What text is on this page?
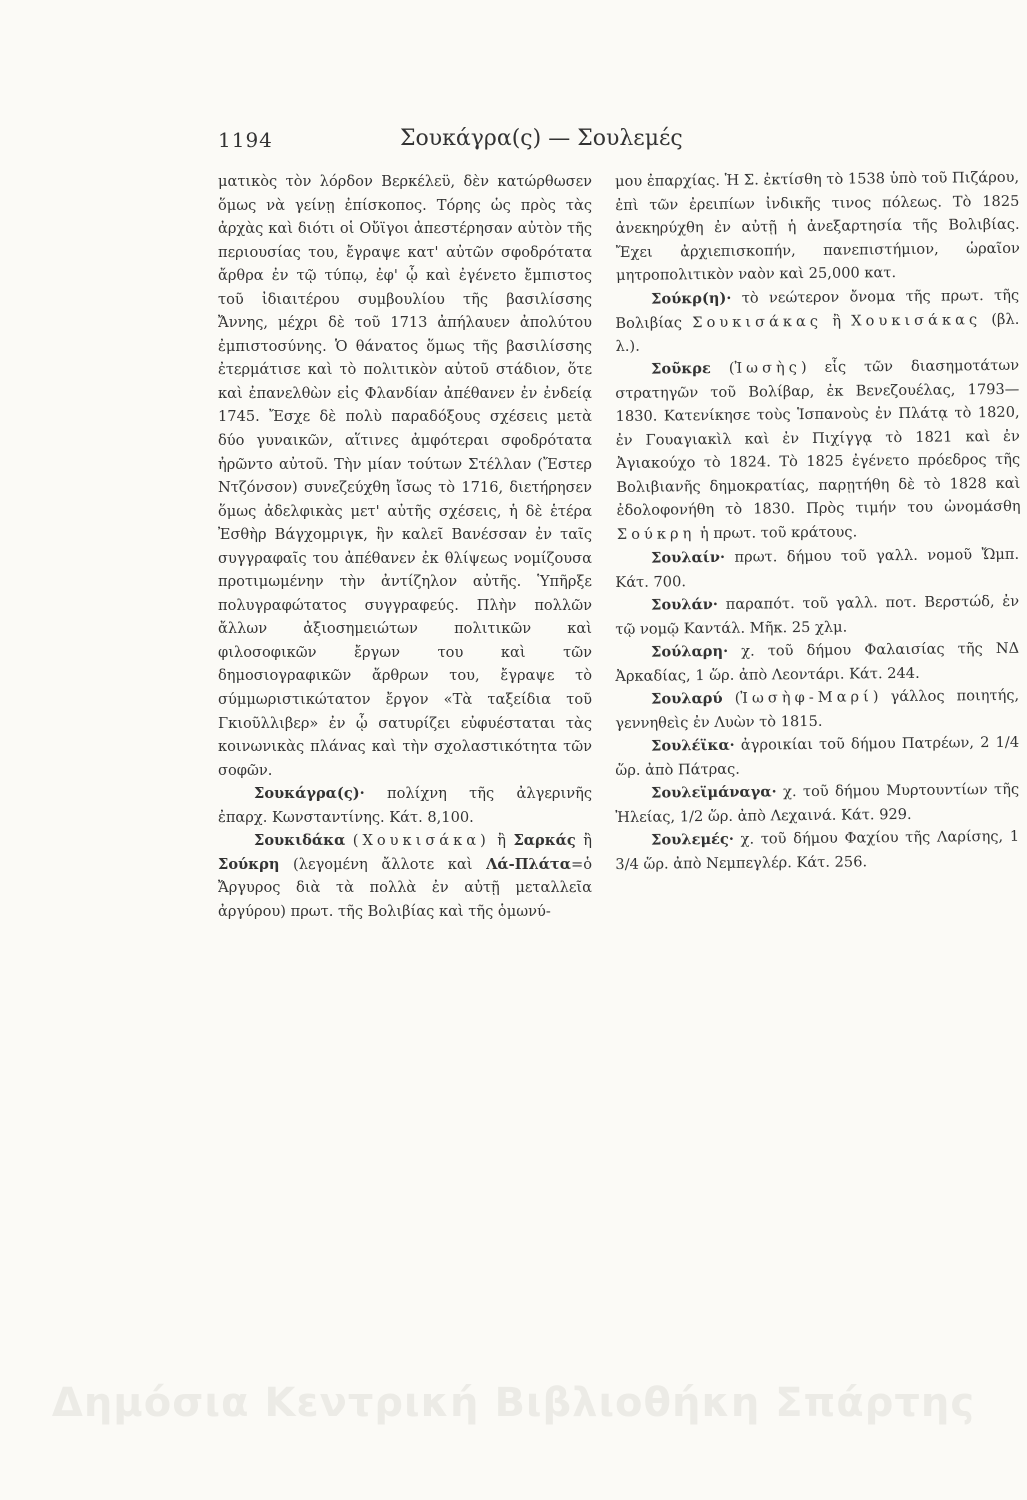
1194	Σουκάγρα(ς) — Σουλεμές

ματικὸς τὸν λόρδον Βερκέλεϋ, δὲν κατώρθωσεν ὅμως νὰ γείνῃ ἐπίσκοπος. Τόρης ὡς πρὸς τὰς ἀρχὰς καὶ διότι οἱ Οὔϊγοι ἀπεστέρησαν αὐτὸν τῆς περιουσίας του, ἔγραψε κατ' αὐτῶν σφοδρότατα ἄρθρα ἐν τῷ τύπῳ, ἐφ' ᾧ καὶ ἐγένετο ἔμπιστος τοῦ ἰδιαιτέρου συμβουλίου τῆς βασιλίσσης Ἄννης, μέχρι δὲ τοῦ 1713 ἀπήλαυεν ἀπολύτου ἐμπιστοσύνης. Ὁ θάνατος ὅμως τῆς βασιλίσσης ἐτερμάτισε καὶ τὸ πολιτικὸν αὐτοῦ στάδιον, ὅτε καὶ ἐπανελθὼν εἰς Φλανδίαν ἀπέθανεν ἐν ἐνδείᾳ 1745. Ἔσχε δὲ πολὺ παραδόξους σχέσεις μετὰ δύο γυναικῶν, αἵτινες ἀμφότεραι σφοδρότατα ἠρῶντο αὐτοῦ. Τὴν μίαν τούτων Στέλλαν (Ἔστερ Ντζόνσον) συνεζεύχθη ἴσως τὸ 1716, διετήρησεν ὅμως ἀδελφικὰς μετ' αὐτῆς σχέσεις, ἡ δὲ ἑτέρα Ἐσθὴρ Βάγχομριγκ, ἣν καλεῖ Βανέσσαν ἐν ταῖς συγγραφαῖς του ἀπέθανεν ἐκ θλίψεως νομίζουσα προτιμωμένην τὴν ἀντίζηλον αὐτῆς. Ὑπῆρξε πολυγραφώτατος συγγραφεύς. Πλὴν πολλῶν ἄλλων ἀξιοσημειώτων πολιτικῶν καὶ φιλοσοφικῶν ἔργων του καὶ τῶν δημοσιογραφικῶν ἄρθρων του, ἔγραψε τὸ σύμμωριστικώτατον ἔργον «Τὰ ταξείδια τοῦ Γκιοῦλλιβερ» ἐν ᾧ σατυρίζει εὐφυέσταται τὰς κοινωνικὰς πλάνας καὶ τὴν σχολαστικότητα τῶν σοφῶν.

Σουκάγρα(ς)· πολίχνη τῆς ἀλγερινῆς ἐπαρχ. Κωνσταντίνης. Κάτ. 8,100.

Σουκιδάκα (Χουκισάκα) ἢ Σαρκάς ἢ Σούκρη (λεγομένη ἄλλοτε καὶ Λά-Πλάτα=ὁ Ἄργυρος διὰ τὰ πολλὰ ἐν αὐτῇ μεταλλεῖα ἀργύρου) πρωτ. τῆς Βολιβίας καὶ τῆς ὁμωνύ-

μου ἐπαρχίας. Ἡ Σ. ἐκτίσθη τὸ 1538 ὑπὸ τοῦ Πιζάρου, ἐπὶ τῶν ἐρειπίων ἰνδικῆς τινος πόλεως. Τὸ 1825 ἀνεκηρύχθη ἐν αὐτῇ ἡ ἀνεξαρτησία τῆς Βολιβίας. Ἔχει ἀρχιεπισκοπήν, πανεπιστήμιον, ὡραῖον μητροπολιτικὸν ναὸν καὶ 25,000 κατ.

Σούκρ(η)· τὸ νεώτερον ὄνομα τῆς πρωτ. τῆς Βολιβίας Σουκισάκας ἢ Χουκισάκας (βλ. λ.).

Σοῦκρε (Ἰωσὴς) εἷς τῶν διασημοτάτων στρατηγῶν τοῦ Βολίβαρ, ἐκ Βενεζουέλας, 1793—1830. Κατενίκησε τοὺς Ἱσπανοὺς ἐν Πλάτᾳ τὸ 1820, ἐν Γουαγιακὶλ καὶ ἐν Πιχίγγᾳ τὸ 1821 καὶ ἐν Ἀγιακούχο τὸ 1824. Τὸ 1825 ἐγένετο πρόεδρος τῆς Βολιβιανῆς δημοκρατίας, παρῃτήθη δὲ τὸ 1828 καὶ ἐδολοφονήθη τὸ 1830. Πρὸς τιμήν του ὠνομάσθη Σούκρη ἡ πρωτ. τοῦ κράτους.

Σουλαίν· πρωτ. δήμου τοῦ γαλλ. νομοῦ Ὤμπ. Κάτ. 700.

Σουλάν· παραπότ. τοῦ γαλλ. ποτ. Βερστώδ, ἐν τῷ νομῷ Καντάλ. Μῆκ. 25 χλμ.

Σούλαρη· χ. τοῦ δήμου Φαλαισίας τῆς ΝΔ Ἀρκαδίας, 1 ὥρ. ἀπὸ Λεοντάρι. Κάτ. 244.

Σουλαρύ (Ἰωσὴφ-Μαρί) γάλλος ποιητής, γεννηθεὶς ἐν Λυὼν τὸ 1815.

Σουλέϊκα· ἀγροικίαι τοῦ δήμου Πατρέων, 2 1/4 ὥρ. ἀπὸ Πάτρας.

Σουλεϊμάναγα· χ. τοῦ δήμου Μυρτουντίων τῆς Ἠλείας, 1/2 ὥρ. ἀπὸ Λεχαινά. Κάτ. 929.

Σουλεμές· χ. τοῦ δήμου Φαχίου τῆς Λαρίσης, 1 3/4 ὥρ. ἀπὸ Νεμπεγλέρ. Κάτ. 256.

Δημόσια Κεντρική Βιβλιοθήκη Σπάρτης
